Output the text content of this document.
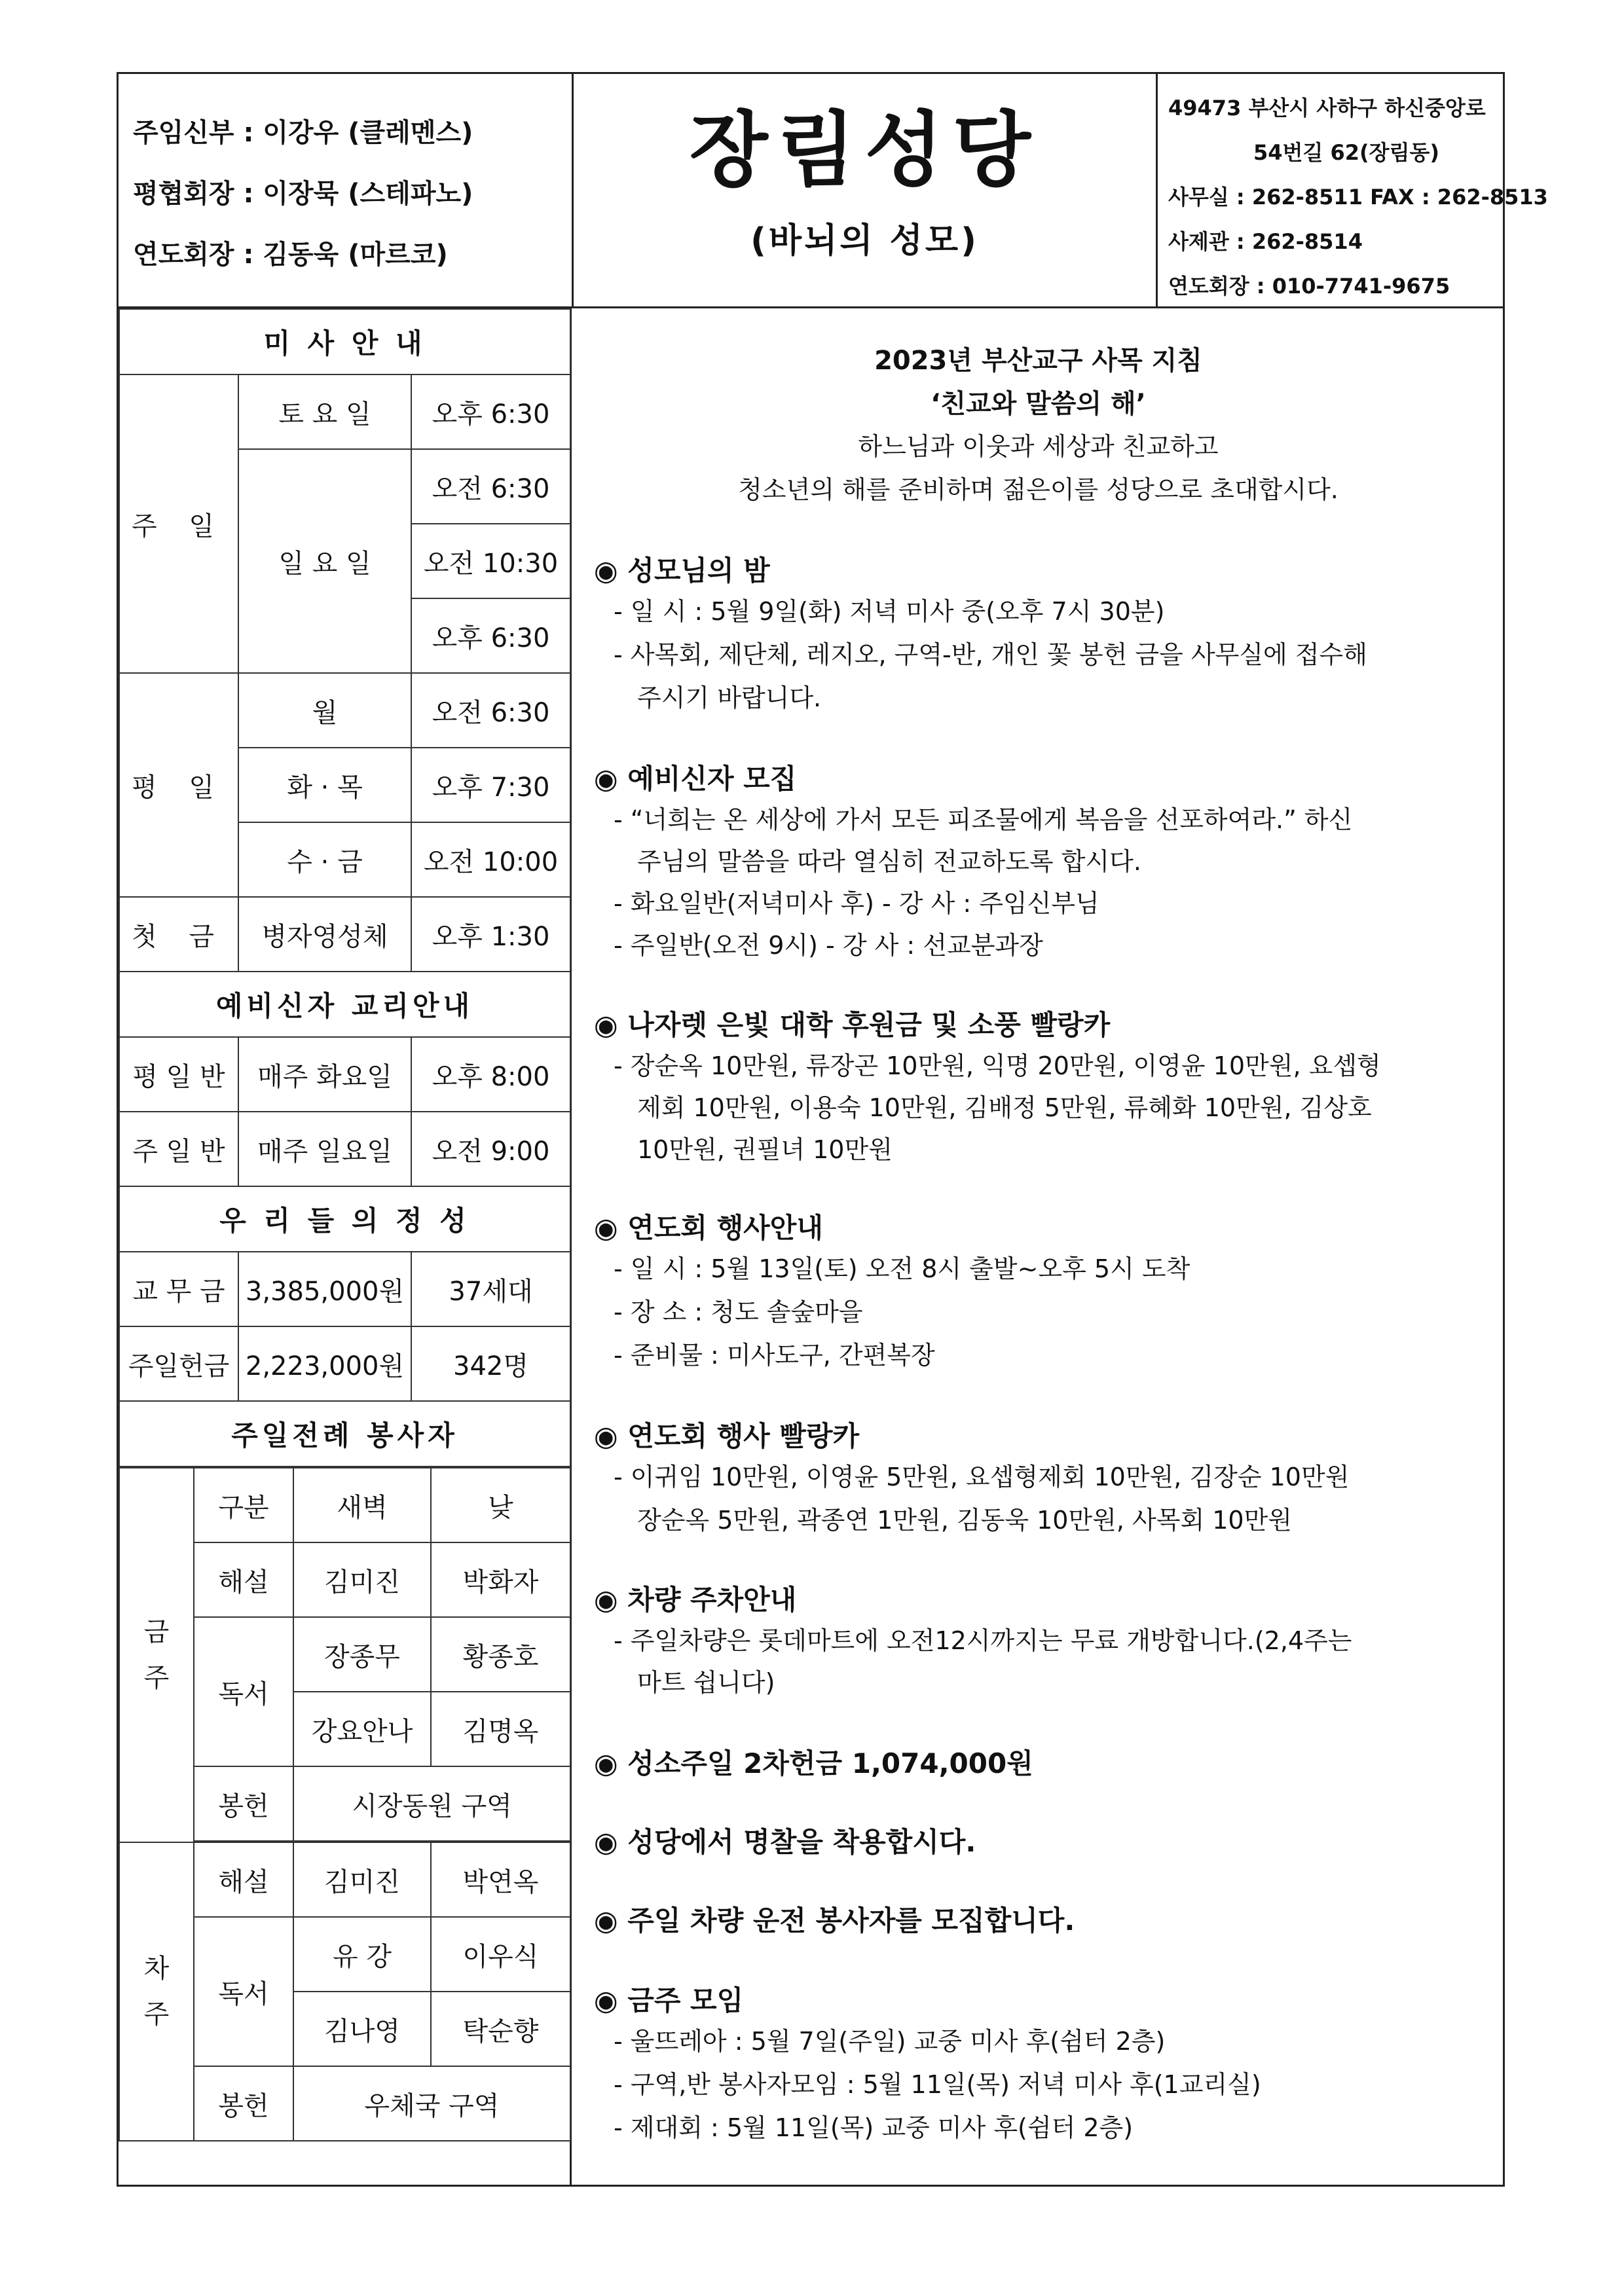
주임신부 : 이강우 (클레멘스)
평협회장 : 이장묵 (스테파노)
연도회장 : 김동욱 (마르코)
장림성당
(바뇌의 성모)
49473 부산시 사하구 하신중앙로
54번길 62(장림동)
사무실 : 262-8511 FAX : 262-8513
사제관 : 262-8514
연도회장 : 010-7741-9675
미 사 안 내		
주 일	토 요 일	오후 6:30
	일 요 일	오전 6:30
		오전 10:30
		오후 6:30
평 일	월	오전 6:30
	화 · 목	오후 7:30
	수 · 금	오전 10:00
첫 금	병자영성체	오후 1:30
예비신자 교리안내		
평 일 반	매주 화요일	오후 8:00
주 일 반	매주 일요일	오전 9:00
우 리 들 의 정 성		
교 무 금	3,385,000원	37세대
주일헌금	2,223,000원	342명
주일전례 봉사자		
금
주	구분	새벽	낮
	해설	김미진	박화자
	독서	장종무	황종호
		강요안나	김명옥
	봉헌	시장동원 구역	

차
주	해설	김미진	박연옥
	독서	유 강	이우식
		김나영	탁순향
	봉헌	우체국 구역	
2023년 부산교구 사목 지침
‘친교와 말씀의 해’
하느님과 이웃과 세상과 친교하고
청소년의 해를 준비하며 젊은이를 성당으로 초대합시다.
◉ 성모님의 밤
- 일 시 : 5월 9일(화) 저녁 미사 중(오후 7시 30분)
- 사목회, 제단체, 레지오, 구역-반, 개인 꽃 봉헌 금을 사무실에 접수해
주시기 바랍니다.
◉ 예비신자 모집
- “너희는 온 세상에 가서 모든 피조물에게 복음을 선포하여라.” 하신
주님의 말씀을 따라 열심히 전교하도록 합시다.
- 화요일반(저녁미사 후) - 강 사 : 주임신부님
- 주일반(오전 9시) - 강 사 : 선교분과장
◉ 나자렛 은빛 대학 후원금 및 소풍 빨랑카
- 장순옥 10만원, 류장곤 10만원, 익명 20만원, 이영윤 10만원, 요셉형
제회 10만원, 이용숙 10만원, 김배정 5만원, 류혜화 10만원, 김상호
10만원, 권필녀 10만원
◉ 연도회 행사안내
- 일 시 : 5월 13일(토) 오전 8시 출발~오후 5시 도착
- 장 소 : 청도 솔숲마을
- 준비물 : 미사도구, 간편복장
◉ 연도회 행사 빨랑카
- 이귀임 10만원, 이영윤 5만원, 요셉형제회 10만원, 김장순 10만원
장순옥 5만원, 곽종연 1만원, 김동욱 10만원, 사목회 10만원
◉ 차량 주차안내
- 주일차량은 롯데마트에 오전12시까지는 무료 개방합니다.(2,4주는
마트 쉽니다)
◉ 성소주일 2차헌금 1,074,000원
◉ 성당에서 명찰을 착용합시다.
◉ 주일 차량 운전 봉사자를 모집합니다.
◉ 금주 모임
- 울뜨레아 : 5월 7일(주일) 교중 미사 후(쉼터 2층)
- 구역,반 봉사자모임 : 5월 11일(목) 저녁 미사 후(1교리실)
- 제대회 : 5월 11일(목) 교중 미사 후(쉼터 2층)
